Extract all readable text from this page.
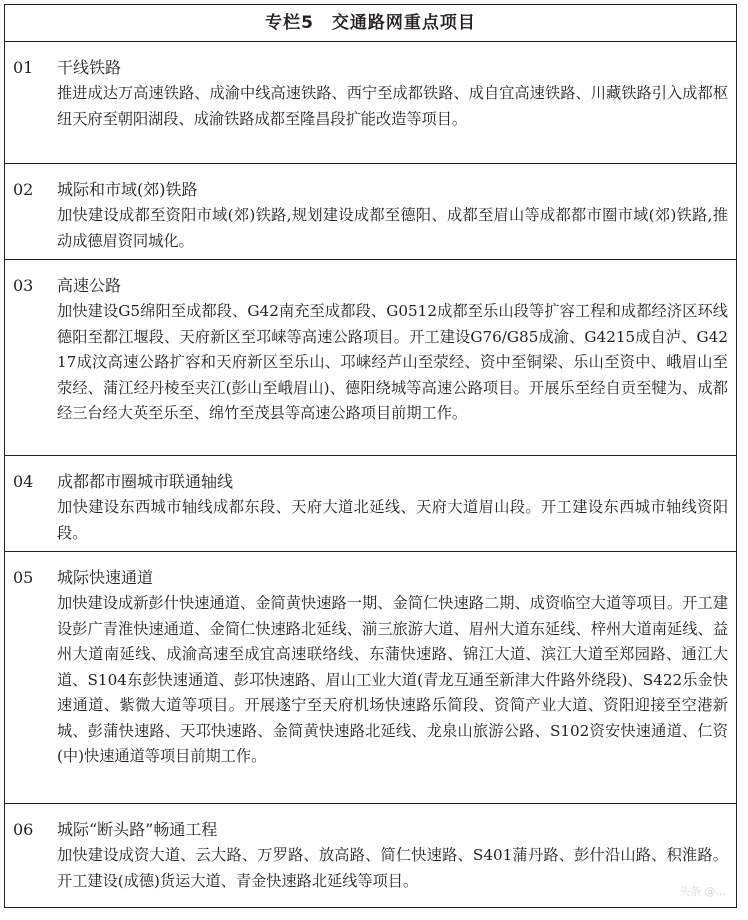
专栏5　交通路网重点项目
01 干线铁路
推进成达万高速铁路、成渝中线高速铁路、西宁至成都铁路、成自宜高速铁路、川藏铁路引入成都枢纽天府至朝阳湖段、成渝铁路成都至隆昌段扩能改造等项目。
02 城际和市域(郊)铁路
加快建设成都至资阳市域(郊)铁路,规划建设成都至德阳、成都至眉山等成都都市圈市域(郊)铁路,推动成德眉资同城化。
03 高速公路
加快建设G5绵阳至成都段、G42南充至成都段、G0512成都至乐山段等扩容工程和成都经济区环线德阳至都江堰段、天府新区至邛崃等高速公路项目。开工建设G76/G85成渝、G4215成自泸、G4217成汶高速公路扩容和天府新区至乐山、邛崃经芦山至荥经、资中至铜梁、乐山至资中、峨眉山至荥经、蒲江经丹棱至夹江(彭山至峨眉山)、德阳绕城等高速公路项目。开展乐至经自贡至犍为、成都经三台经大英至乐至、绵竹至茂县等高速公路项目前期工作。
04 成都都市圈城市联通轴线
加快建设东西城市轴线成都东段、天府大道北延线、天府大道眉山段。开工建设东西城市轴线资阳段。
05 城际快速通道
加快建设成新彭什快速通道、金简黄快速路一期、金简仁快速路二期、成资临空大道等项目。开工建设彭广青淮快速通道、金简仁快速路北延线、湔三旅游大道、眉州大道东延线、梓州大道南延线、益州大道南延线、成渝高速至成宜高速联络线、东蒲快速路、锦江大道、滨江大道至郑园路、通江大道、S104东彭快速通道、彭邛快速路、眉山工业大道(青龙互通至新津大件路外绕段)、S422乐金快速通道、紫微大道等项目。开展遂宁至天府机场快速路乐简段、资简产业大道、资阳迎接至空港新城、彭蒲快速路、天邛快速路、金简黄快速路北延线、龙泉山旅游公路、S102资安快速通道、仁资(中)快速通道等项目前期工作。
06 城际“断头路”畅通工程
加快建设成资大道、云大路、万罗路、放高路、简仁快速路、S401蒲丹路、彭什沿山路、积淮路。开工建设(成德)货运大道、青金快速路北延线等项目。
头条 @...
